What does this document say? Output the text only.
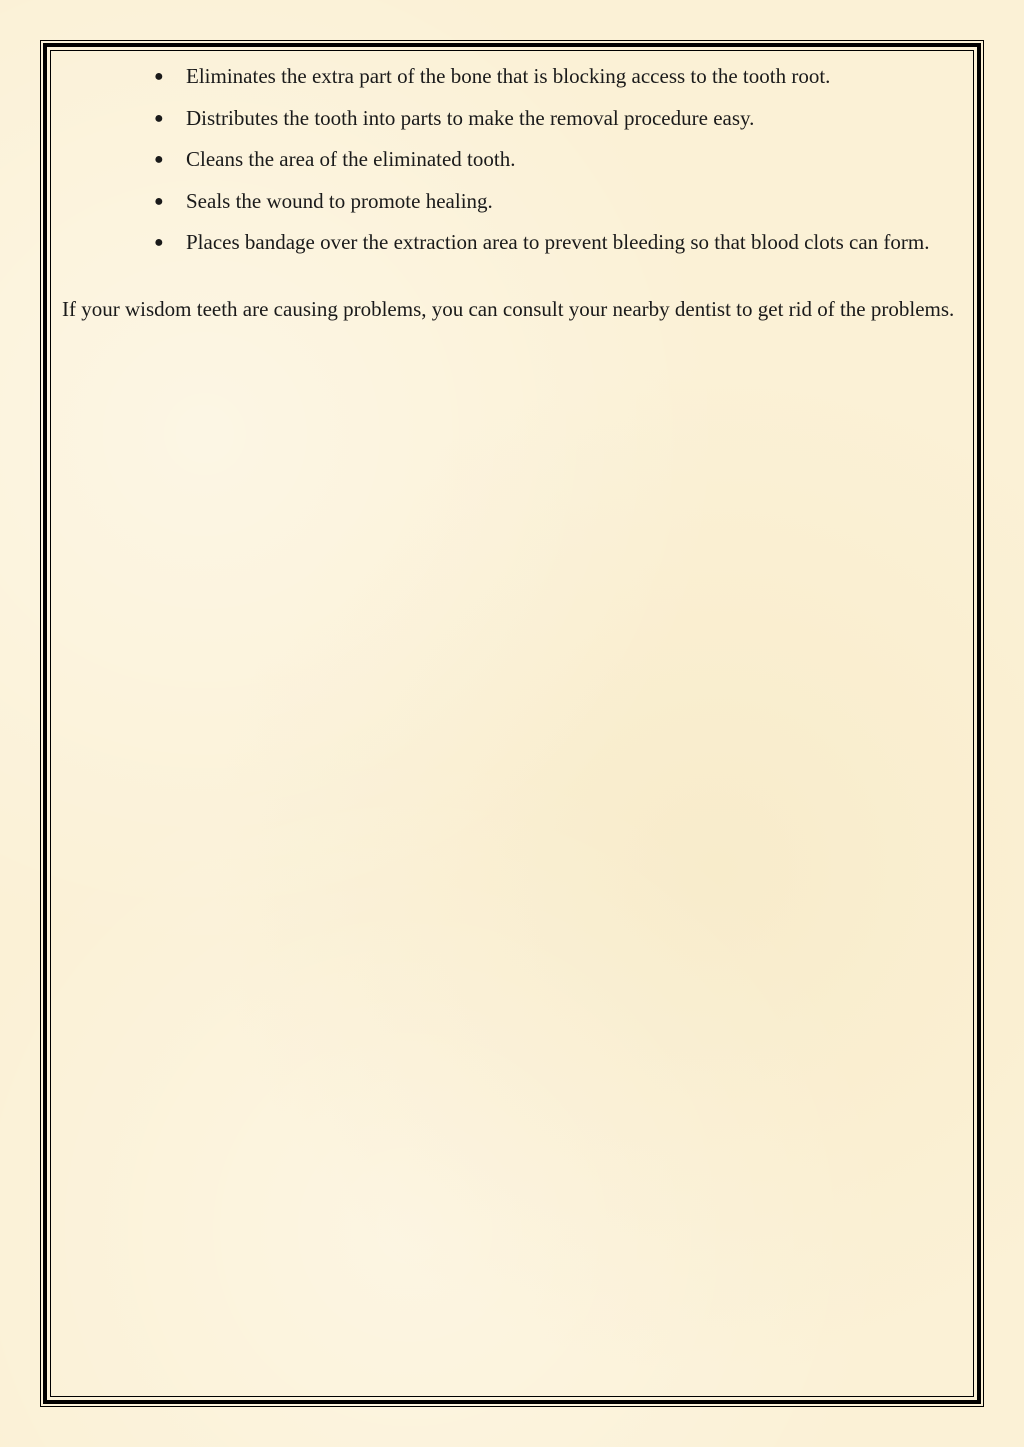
● Eliminates the extra part of the bone that is blocking access to the tooth root.
● Distributes the tooth into parts to make the removal procedure easy.
● Cleans the area of the eliminated tooth.
● Seals the wound to promote healing.
● Places bandage over the extraction area to prevent bleeding so that blood clots can form.

If your wisdom teeth are causing problems, you can consult your nearby dentist to get rid of the problems.
